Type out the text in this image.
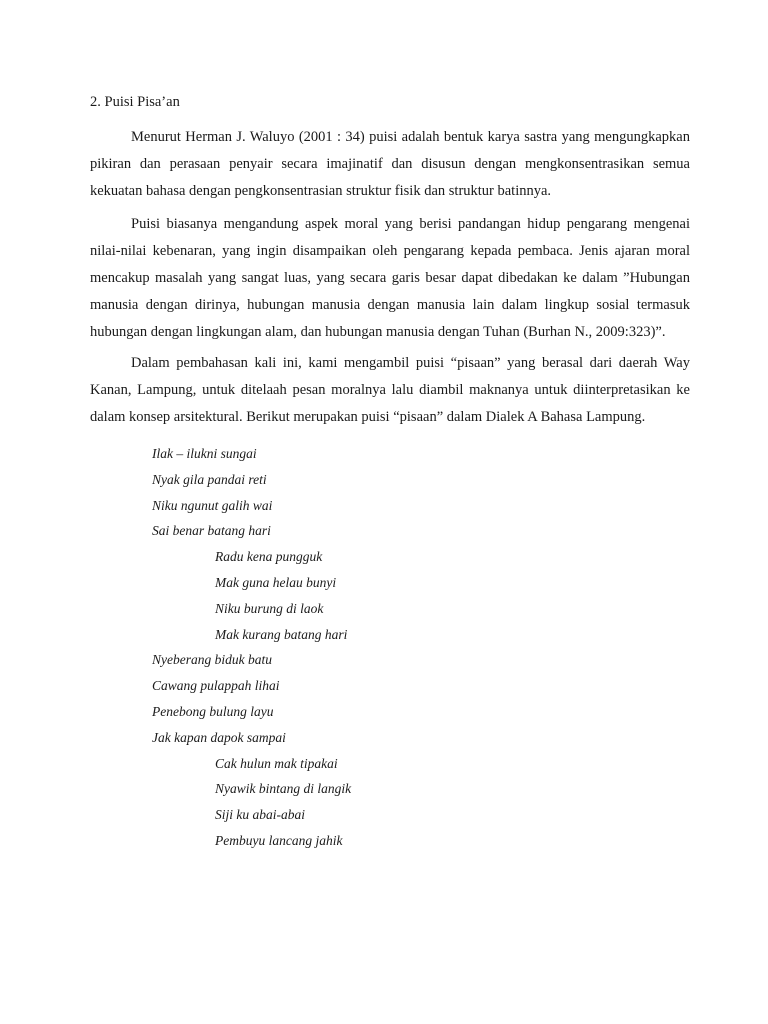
2. Puisi Pisa’an

Menurut Herman J. Waluyo (2001 : 34) puisi adalah bentuk karya sastra yang mengungkapkan pikiran dan perasaan penyair secara imajinatif dan disusun dengan mengkonsentrasikan semua kekuatan bahasa dengan pengkonsentrasian struktur fisik dan struktur batinnya.

Puisi biasanya mengandung aspek moral yang berisi pandangan hidup pengarang mengenai nilai-nilai kebenaran, yang ingin disampaikan oleh pengarang kepada pembaca. Jenis ajaran moral mencakup masalah yang sangat luas, yang secara garis besar dapat dibedakan ke dalam ”Hubungan manusia dengan dirinya, hubungan manusia dengan manusia lain dalam lingkup sosial termasuk hubungan dengan lingkungan alam, dan hubungan manusia dengan Tuhan (Burhan N., 2009:323)”.

Dalam pembahasan kali ini, kami mengambil puisi “pisaan” yang berasal dari daerah Way Kanan, Lampung, untuk ditelaah pesan moralnya lalu diambil maknanya untuk diinterpretasikan ke dalam konsep arsitektural. Berikut merupakan puisi “pisaan” dalam Dialek A Bahasa Lampung.

Ilak – ilukni sungai
Nyak gila pandai reti
Niku ngunut galih wai
Sai benar batang hari
Radu kena pungguk
Mak guna helau bunyi
Niku burung di laok
Mak kurang batang hari
Nyeberang biduk batu
Cawang pulappah lihai
Penebong bulung layu
Jak kapan dapok sampai
Cak hulun mak tipakai
Nyawik bintang di langik
Siji ku abai-abai
Pembuyu lancang jahik
